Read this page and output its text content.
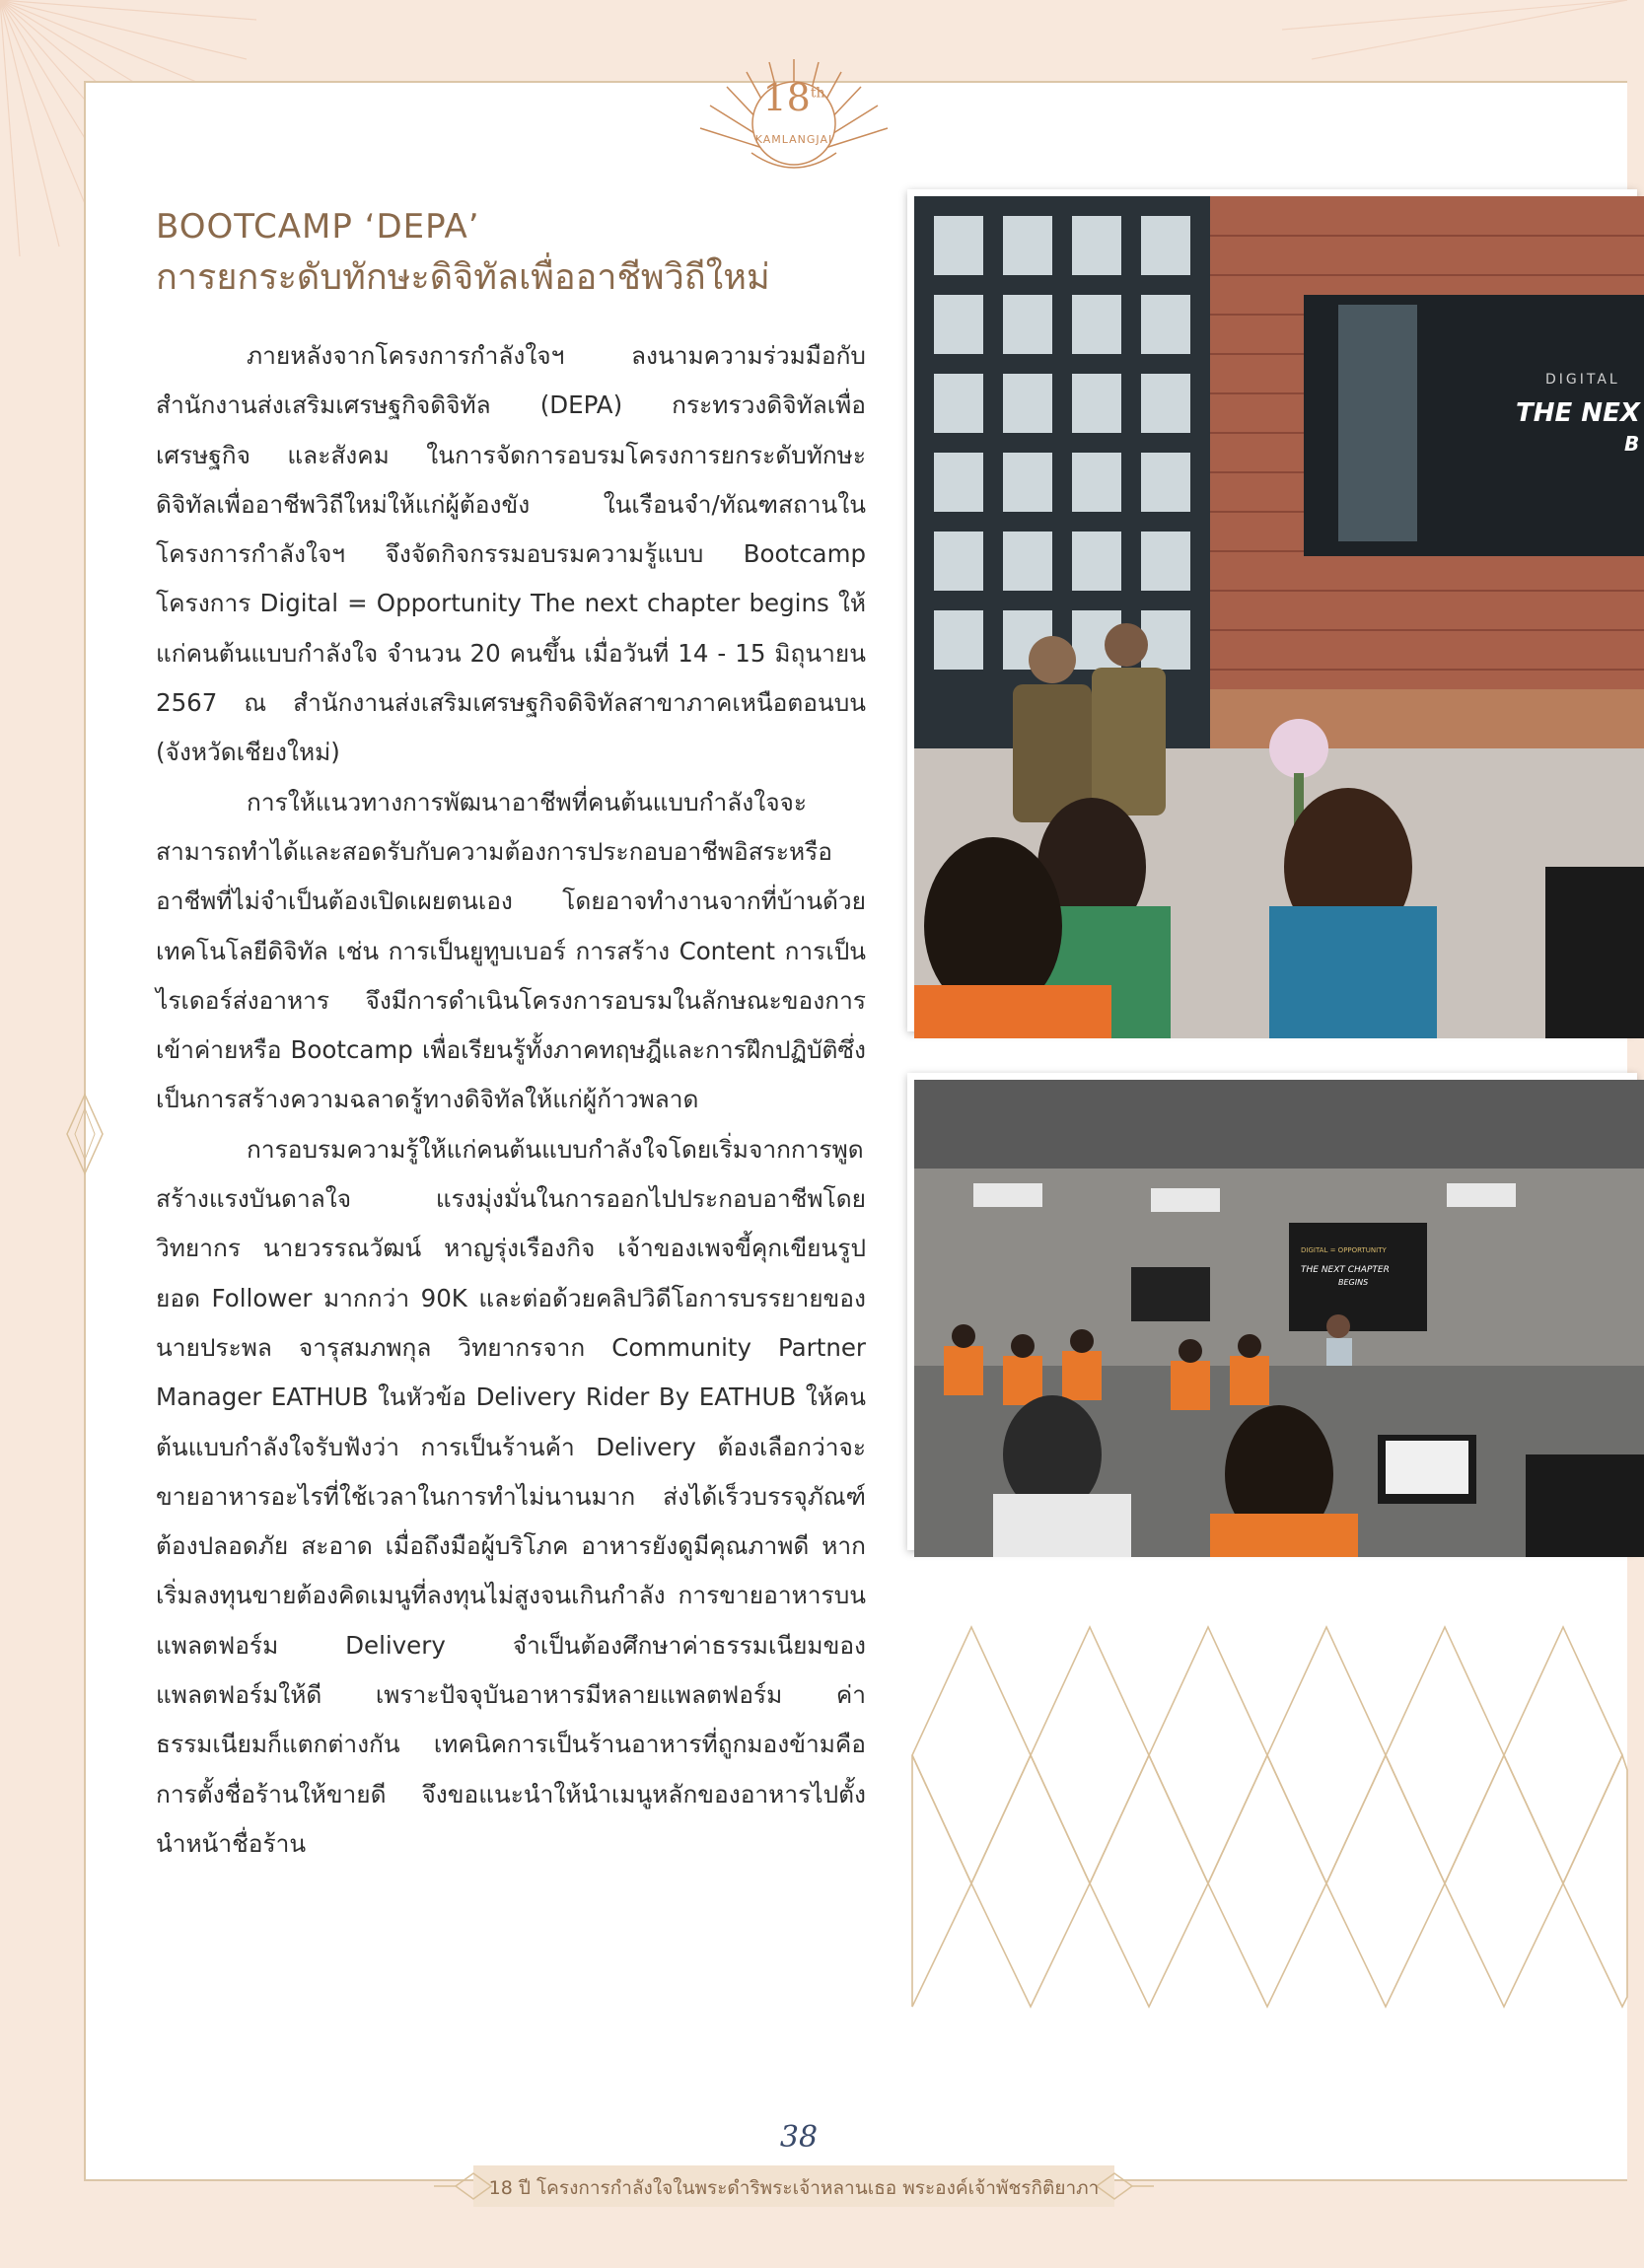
18th
KAMLANGJAI
BOOTCAMP ‘DEPA’
การยกระดับทักษะดิจิทัลเพื่ออาชีพวิถีใหม่

ภายหลังจากโครงการกำลังใจฯ ลงนามความร่วมมือกับสำนักงานส่งเสริมเศรษฐกิจดิจิทัล (DEPA) กระทรวงดิจิทัลเพื่อเศรษฐกิจ และสังคม ในการจัดการอบรมโครงการยกระดับทักษะดิจิทัลเพื่ออาชีพวิถีใหม่ให้แก่ผู้ต้องขัง ในเรือนจำ/ทัณฑสถานในโครงการกำลังใจฯ จึงจัดกิจกรรมอบรมความรู้แบบ Bootcamp โครงการ Digital = Opportunity The next chapter begins ให้แก่คนต้นแบบกำลังใจ จำนวน 20 คนขึ้น เมื่อวันที่ 14 - 15 มิถุนายน 2567 ณ สำนักงานส่งเสริมเศรษฐกิจดิจิทัลสาขาภาคเหนือตอนบน (จังหวัดเชียงใหม่)

การให้แนวทางการพัฒนาอาชีพที่คนต้นแบบกำลังใจจะสามารถทำได้และสอดรับกับความต้องการประกอบอาชีพอิสระหรืออาชีพที่ไม่จำเป็นต้องเปิดเผยตนเอง โดยอาจทำงานจากที่บ้านด้วยเทคโนโลยีดิจิทัล เช่น การเป็นยูทูบเบอร์ การสร้าง Content การเป็นไรเดอร์ส่งอาหาร จึงมีการดำเนินโครงการอบรมในลักษณะของการเข้าค่ายหรือ Bootcamp เพื่อเรียนรู้ทั้งภาคทฤษฎีและการฝึกปฏิบัติซึ่งเป็นการสร้างความฉลาดรู้ทางดิจิทัลให้แก่ผู้ก้าวพลาด

การอบรมความรู้ให้แก่คนต้นแบบกำลังใจโดยเริ่มจากการพูดสร้างแรงบันดาลใจ แรงมุ่งมั่นในการออกไปประกอบอาชีพโดยวิทยากร นายวรรณวัฒน์ หาญรุ่งเรืองกิจ เจ้าของเพจขี้คุกเขียนรูป ยอด Follower มากกว่า 90K และต่อด้วยคลิปวิดีโอการบรรยายของ นายประพล จารุสมภพกุล วิทยากรจาก Community Partner Manager EATHUB ในหัวข้อ Delivery Rider By EATHUB ให้คนต้นแบบกำลังใจรับฟังว่า การเป็นร้านค้า Delivery ต้องเลือกว่าจะขายอาหารอะไรที่ใช้เวลาในการทำไม่นานมาก ส่งได้เร็วบรรจุภัณฑ์ต้องปลอดภัย สะอาด เมื่อถึงมือผู้บริโภค อาหารยังดูมีคุณภาพดี หากเริ่มลงทุนขายต้องคิดเมนูที่ลงทุนไม่สูงจนเกินกำลัง การขายอาหารบนแพลตฟอร์ม Delivery จำเป็นต้องศึกษาค่าธรรมเนียมของแพลตฟอร์มให้ดี เพราะปัจจุบันอาหารมีหลายแพลตฟอร์ม ค่าธรรมเนียมก็แตกต่างกัน เทคนิคการเป็นร้านอาหารที่ถูกมองข้ามคือ การตั้งชื่อร้านให้ขายดี จึงขอแนะนำให้นำเมนูหลักของอาหารไปตั้งนำหน้าชื่อร้าน

DIGITAL
THE NEX
B
DIGITAL = OPPORTUNITY
THE NEXT CHAPTER
BEGINS
38
18 ปี โครงการกำลังใจในพระดำริพระเจ้าหลานเธอ พระองค์เจ้าพัชรกิติยาภา
